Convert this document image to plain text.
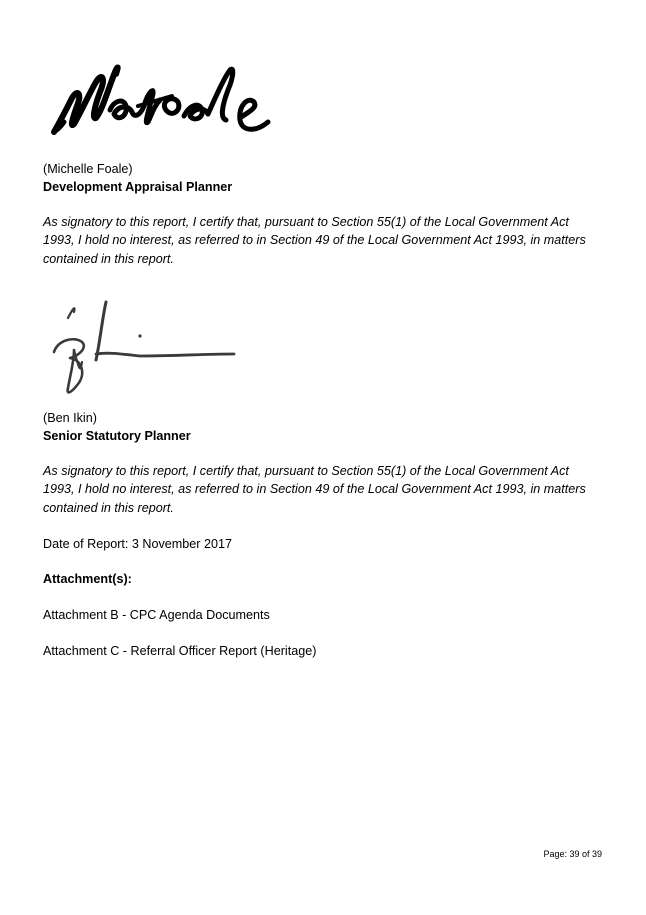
(Michelle Foale)
Development Appraisal Planner
As signatory to this report, I certify that, pursuant to Section 55(1) of the Local Government Act
1993, I hold no interest, as referred to in Section 49 of the Local Government Act 1993, in matters
contained in this report.
(Ben Ikin)
Senior Statutory Planner
As signatory to this report, I certify that, pursuant to Section 55(1) of the Local Government Act
1993, I hold no interest, as referred to in Section 49 of the Local Government Act 1993, in matters
contained in this report.
Date of Report: 3 November 2017
Attachment(s):
Attachment B - CPC Agenda Documents
Attachment C - Referral Officer Report (Heritage)
Page: 39 of 39
